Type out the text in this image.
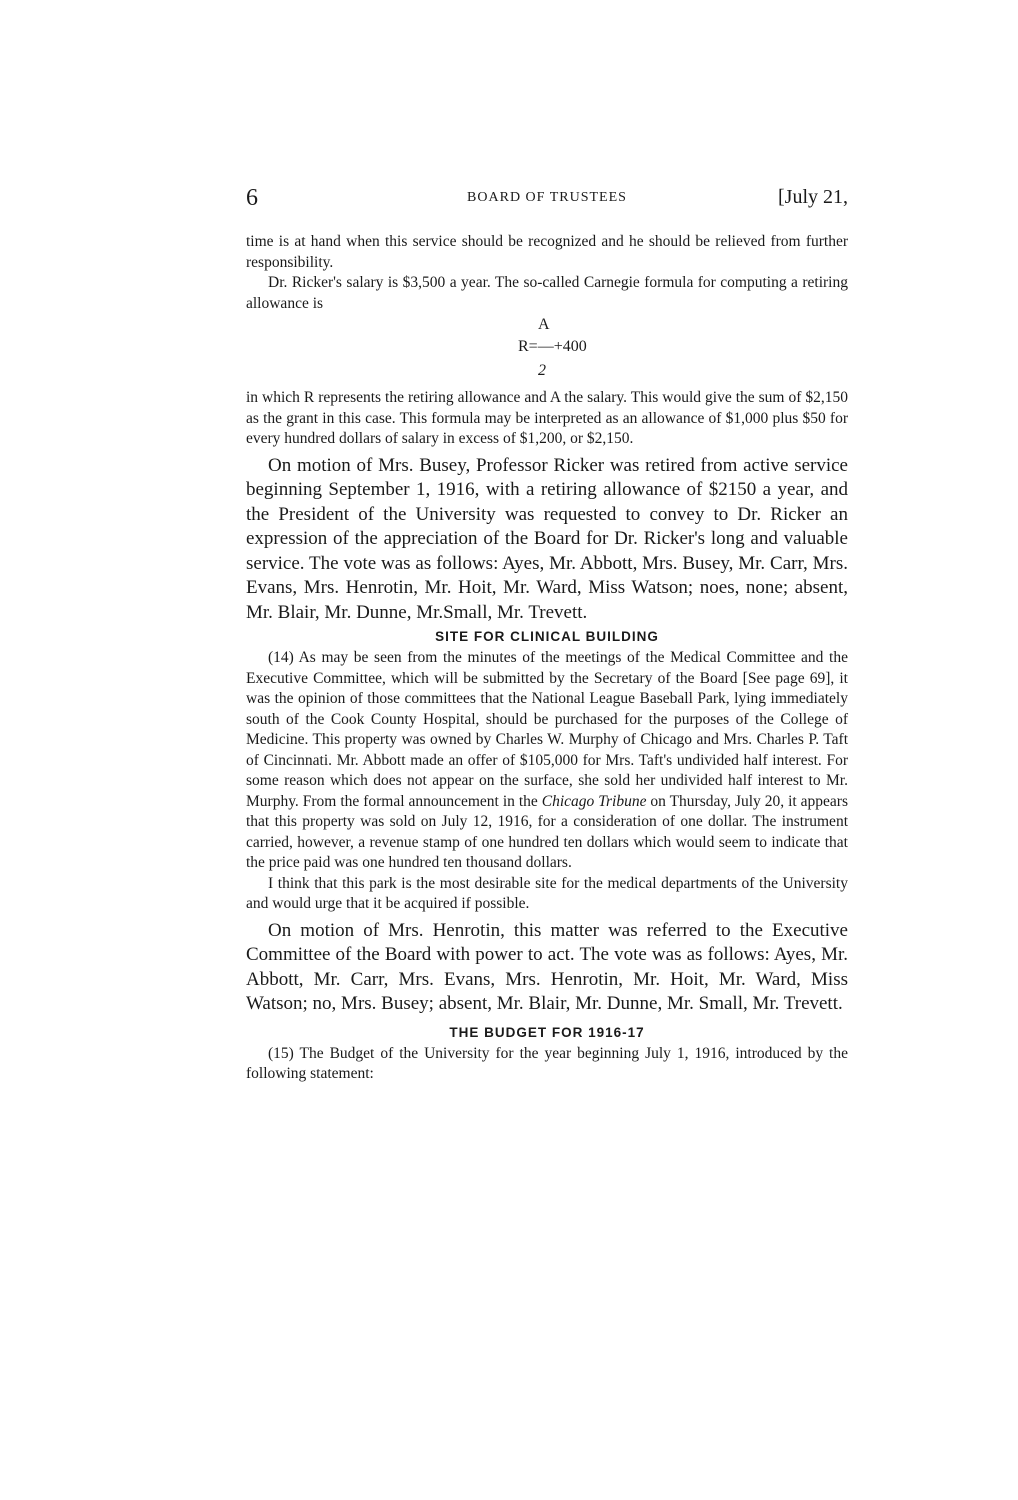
6	BOARD OF TRUSTEES	[July 21,

time is at hand when this service should be recognized and he should be relieved from further responsibility.

Dr. Ricker's salary is $3,500 a year. The so-called Carnegie formula for computing a retiring allowance is

A
R=—+400
2

in which R represents the retiring allowance and A the salary. This would give the sum of $2,150 as the grant in this case. This formula may be interpreted as an allowance of $1,000 plus $50 for every hundred dollars of salary in excess of $1,200, or $2,150.

On motion of Mrs. Busey, Professor Ricker was retired from active service beginning September 1, 1916, with a retiring allowance of $2150 a year, and the President of the University was requested to convey to Dr. Ricker an expression of the appreciation of the Board for Dr. Ricker's long and valuable service. The vote was as follows: Ayes, Mr. Abbott, Mrs. Busey, Mr. Carr, Mrs. Evans, Mrs. Henrotin, Mr. Hoit, Mr. Ward, Miss Watson; noes, none; absent, Mr. Blair, Mr. Dunne, Mr.Small, Mr. Trevett.

SITE FOR CLINICAL BUILDING

(14) As may be seen from the minutes of the meetings of the Medical Committee and the Executive Committee, which will be submitted by the Secretary of the Board [See page 69], it was the opinion of those committees that the National League Baseball Park, lying immediately south of the Cook County Hospital, should be purchased for the purposes of the College of Medicine. This property was owned by Charles W. Murphy of Chicago and Mrs. Charles P. Taft of Cincinnati. Mr. Abbott made an offer of $105,000 for Mrs. Taft's undivided half interest. For some reason which does not appear on the surface, she sold her undivided half interest to Mr. Murphy. From the formal announcement in the Chicago Tribune on Thursday, July 20, it appears that this property was sold on July 12, 1916, for a consideration of one dollar. The instrument carried, however, a revenue stamp of one hundred ten dollars which would seem to indicate that the price paid was one hundred ten thousand dollars.

I think that this park is the most desirable site for the medical departments of the University and would urge that it be acquired if possible.

On motion of Mrs. Henrotin, this matter was referred to the Executive Committee of the Board with power to act. The vote was as follows: Ayes, Mr. Abbott, Mr. Carr, Mrs. Evans, Mrs. Henrotin, Mr. Hoit, Mr. Ward, Miss Watson; no, Mrs. Busey; absent, Mr. Blair, Mr. Dunne, Mr. Small, Mr. Trevett.

THE BUDGET FOR 1916-17

(15) The Budget of the University for the year beginning July 1, 1916, introduced by the following statement:
